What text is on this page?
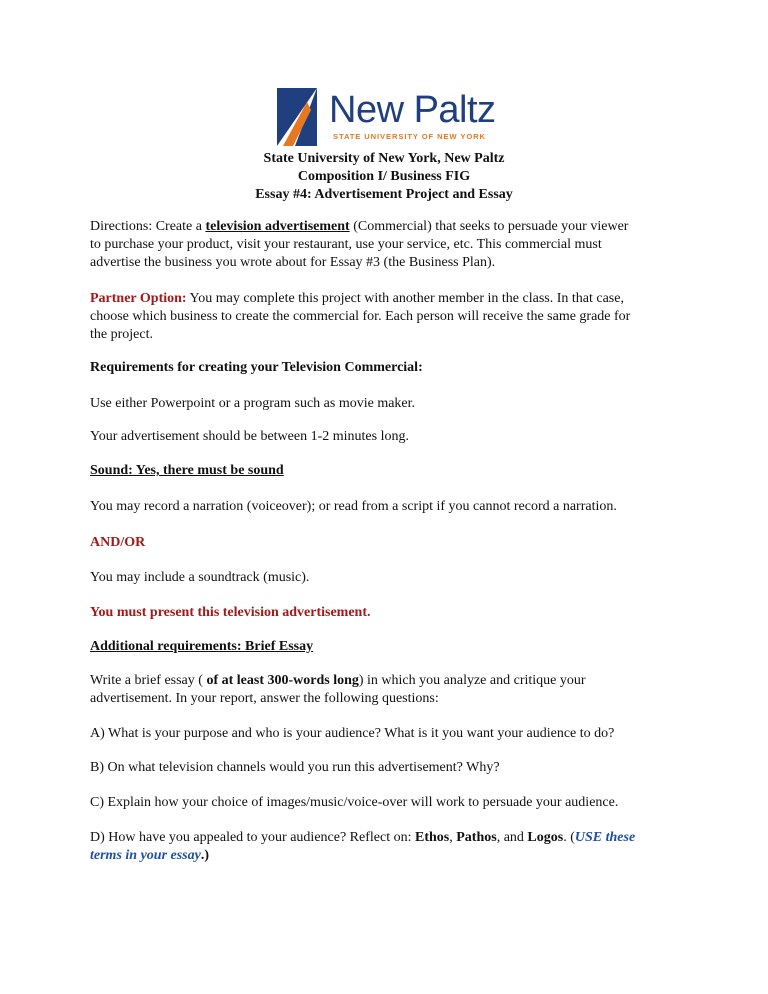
New Paltz
STATE UNIVERSITY OF NEW YORK
State University of New York, New Paltz
Composition I/ Business FIG
Essay #4: Advertisement Project and Essay

Directions: Create a television advertisement (Commercial) that seeks to persuade your viewer

to purchase your product, visit your restaurant, use your service, etc. This commercial must

advertise the business you wrote about for Essay #3 (the Business Plan).

Partner Option: You may complete this project with another member in the class. In that case,

choose which business to create the commercial for. Each person will receive the same grade for

the project.

Requirements for creating your Television Commercial:
Use either Powerpoint or a program such as movie maker.
Your advertisement should be between 1-2 minutes long.
Sound: Yes, there must be sound
You may record a narration (voiceover); or read from a script if you cannot record a narration.
AND/OR
You may include a soundtrack (music).
You must present this television advertisement.
Additional requirements: Brief Essay

Write a brief essay ( of at least 300-words long) in which you analyze and critique your

advertisement. In your report, answer the following questions:

A) What is your purpose and who is your audience? What is it you want your audience to do?
B) On what television channels would you run this advertisement? Why?
C) Explain how your choice of images/music/voice-over will work to persuade your audience.

D) How have you appealed to your audience? Reflect on: Ethos, Pathos, and Logos. (USE these

terms in your essay.)
